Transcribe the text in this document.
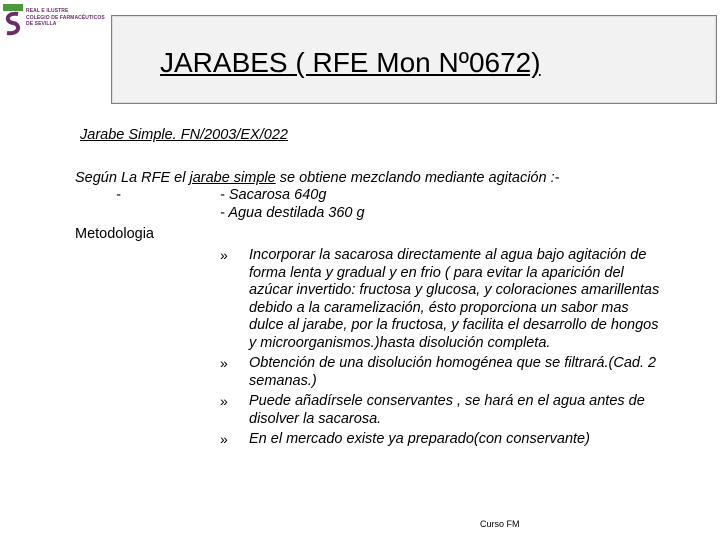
REAL E ILUSTRE
COLEGIO DE FARMACÉUTICOS
DE SEVILLA
JARABES ( RFE Mon Nº0672)
Jarabe Simple. FN/2003/EX/022
Según La RFE el jarabe simple se obtiene mezclando mediante agitación :-
-	- Sacarosa 640g
- Agua destilada 360 g
Metodologia
»	Incorporar la sacarosa directamente al agua bajo agitación de forma lenta y gradual y en frio ( para evitar la aparición del azúcar invertido: fructosa y glucosa, y coloraciones amarillentas debido a la caramelización, ésto proporciona un sabor mas dulce al jarabe, por la fructosa, y facilita el desarrollo de hongos y microorganismos.)hasta disolución completa.
»	Obtención de una disolución homogénea que se filtrará.(Cad. 2 semanas.)
»	Puede añadírsele conservantes , se hará en el agua antes de disolver la sacarosa.
»	En el mercado existe ya preparado(con conservante)
Curso FM
